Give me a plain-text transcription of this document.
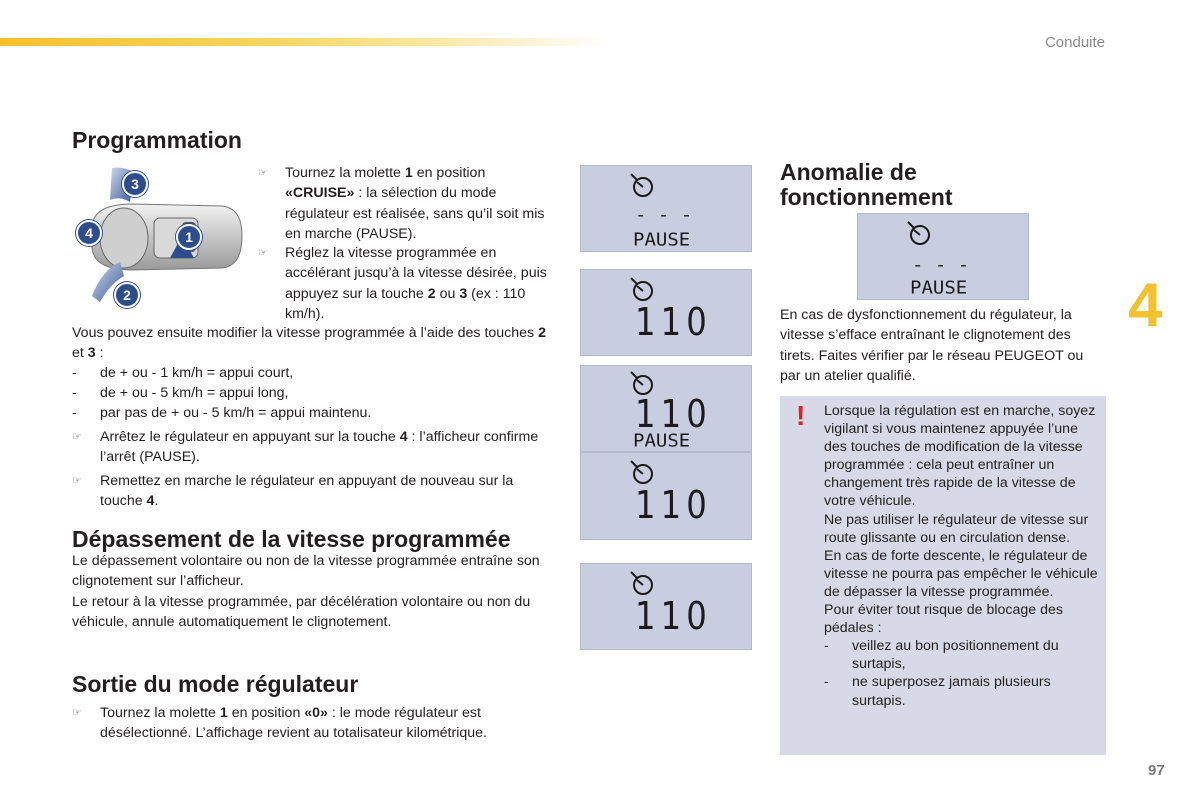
Conduite
4
97
Programmation
3
4	1
2
☞	Tournez la molette 1 en position «CRUISE» : la sélection du mode régulateur est réalisée, sans qu’il soit mis en marche (PAUSE).
☞	Réglez la vitesse programmée en accélérant jusqu’à la vitesse désirée, puis appuyez sur la touche 2 ou 3 (ex : 110 km/h).
Vous pouvez ensuite modifier la vitesse programmée à l’aide des touches 2 et 3 :
- de + ou - 1 km/h = appui court,
- de + ou - 5 km/h = appui long,
- par pas de + ou - 5 km/h = appui maintenu.
☞	Arrêtez le régulateur en appuyant sur la touche 4 : l’afficheur confirme l’arrêt (PAUSE).
☞	Remettez en marche le régulateur en appuyant de nouveau sur la touche 4.
Dépassement de la vitesse programmée
Le dépassement volontaire ou non de la vitesse programmée entraîne son clignotement sur l’afficheur.
Le retour à la vitesse programmée, par décélération volontaire ou non du véhicule, annule automatiquement le clignotement.
Sortie du mode régulateur
☞	Tournez la molette 1 en position «0» : le mode régulateur est désélectionné. L’affichage revient au totalisateur kilométrique.
- - -
PAUSE
110
110
PAUSE
110
110
Anomalie de
fonctionnement
- - -
PAUSE
En cas de dysfonctionnement du régulateur, la vitesse s’efface entraînant le clignotement des tirets. Faites vérifier par le réseau PEUGEOT ou par un atelier qualifié.
! Lorsque la régulation est en marche, soyez vigilant si vous maintenez appuyée l’une des touches de modification de la vitesse programmée : cela peut entraîner un changement très rapide de la vitesse de votre véhicule.
Ne pas utiliser le régulateur de vitesse sur route glissante ou en circulation dense.
En cas de forte descente, le régulateur de vitesse ne pourra pas empêcher le véhicule de dépasser la vitesse programmée.
Pour éviter tout risque de blocage des pédales :
-	veillez au bon positionnement du surtapis,
-	ne superposez jamais plusieurs surtapis.
